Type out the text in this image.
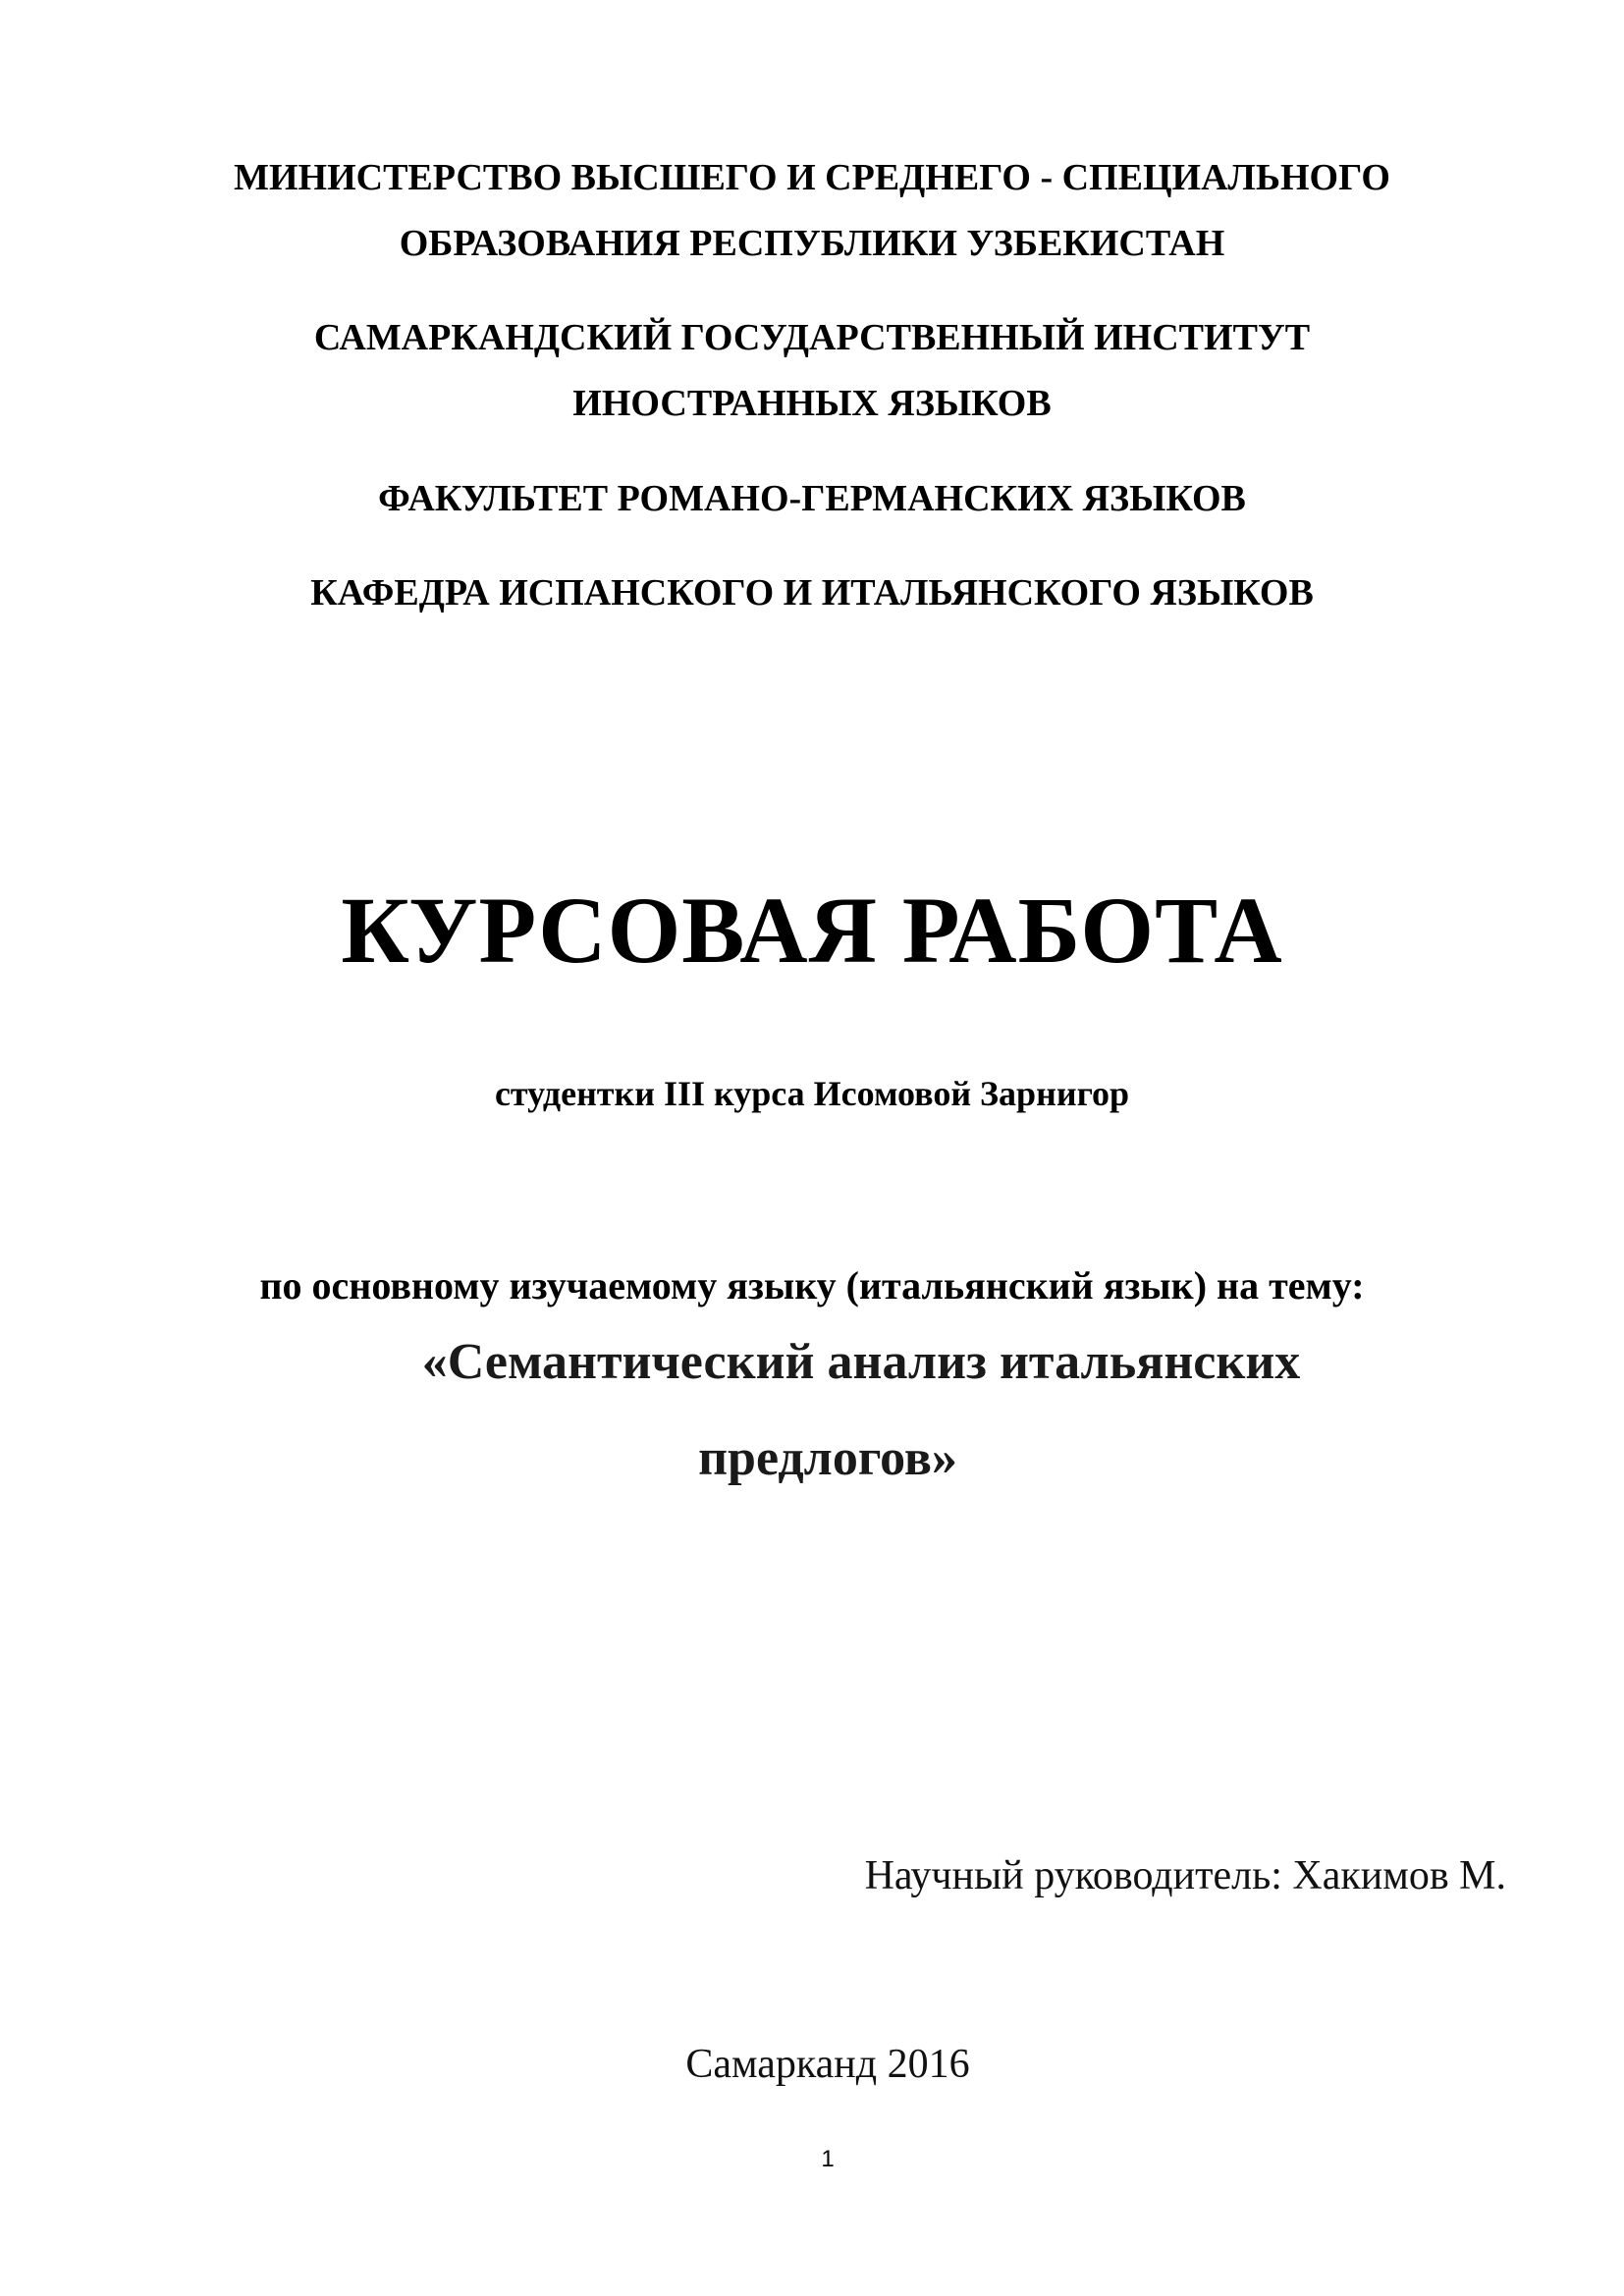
МИНИСТЕРСТВО ВЫСШЕГО И СРЕДНЕГО - СПЕЦИАЛЬНОГО
ОБРАЗОВАНИЯ РЕСПУБЛИКИ УЗБЕКИСТАН
САМАРКАНДСКИЙ ГОСУДАРСТВЕННЫЙ ИНСТИТУТ
ИНОСТРАННЫХ ЯЗЫКОВ
ФАКУЛЬТЕТ РОМАНО-ГЕРМАНСКИХ ЯЗЫКОВ
КАФЕДРА ИСПАНСКОГО И ИТАЛЬЯНСКОГО ЯЗЫКОВ
КУРСОВАЯ РАБОТА
студентки III курса Исомовой Зарнигор
по основному изучаемому языку (итальянский язык) на тему:
«Семантический анализ итальянских
предлогов»
Научный руководитель: Хакимов М.
Самарканд 2016
1
